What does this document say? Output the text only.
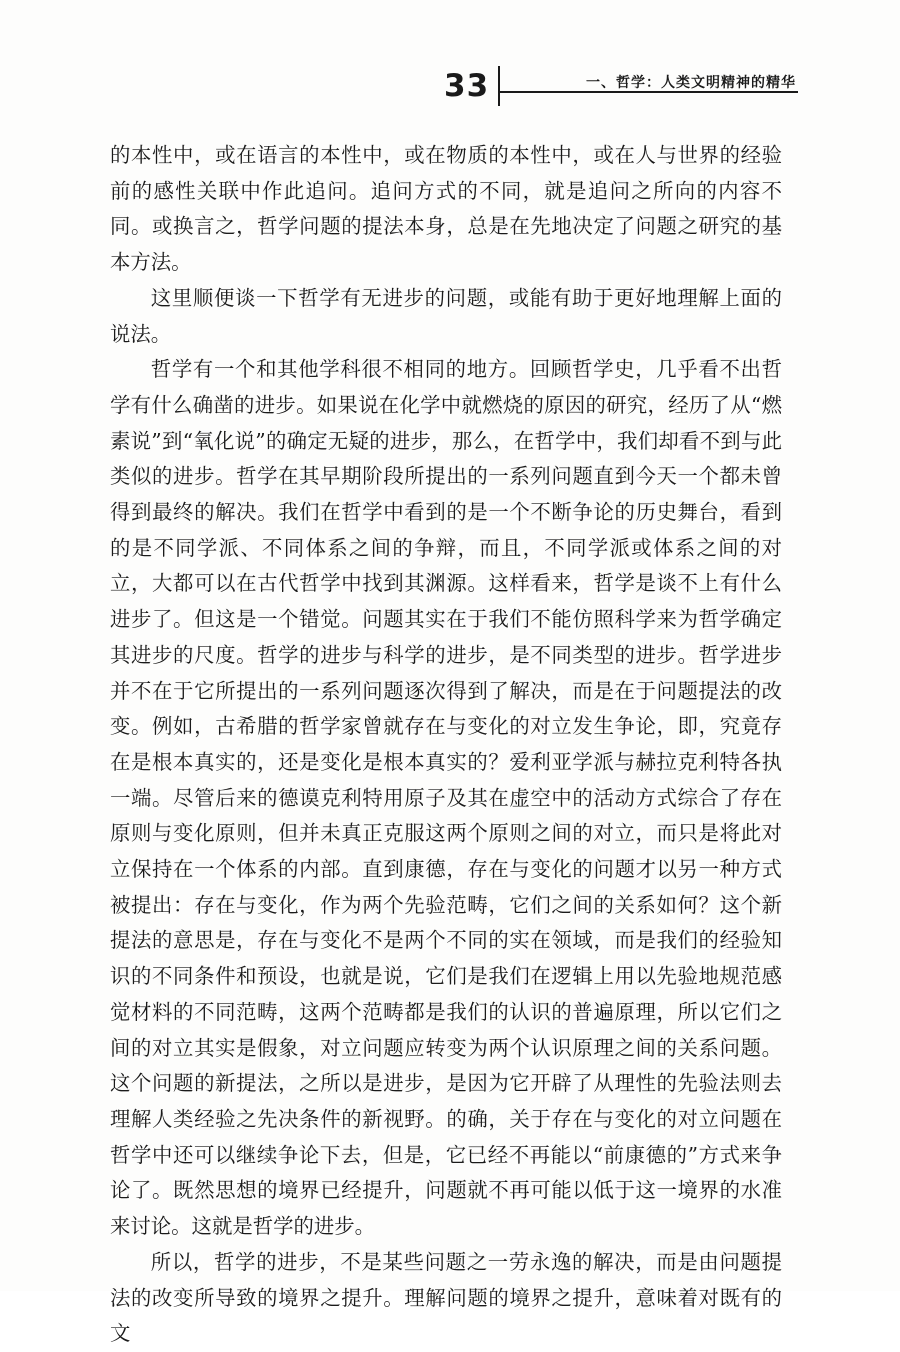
33	一、哲学：人类文明精神的精华

的本性中，或在语言的本性中，或在物质的本性中，或在人与世界的经验前的感性关联中作此追问。追问方式的不同，就是追问之所向的内容不同。或换言之，哲学问题的提法本身，总是在先地决定了问题之研究的基本方法。

这里顺便谈一下哲学有无进步的问题，或能有助于更好地理解上面的说法。

哲学有一个和其他学科很不相同的地方。回顾哲学史，几乎看不出哲学有什么确凿的进步。如果说在化学中就燃烧的原因的研究，经历了从“燃素说”到“氧化说”的确定无疑的进步，那么，在哲学中，我们却看不到与此类似的进步。哲学在其早期阶段所提出的一系列问题直到今天一个都未曾得到最终的解决。我们在哲学中看到的是一个不断争论的历史舞台，看到的是不同学派、不同体系之间的争辩，而且，不同学派或体系之间的对立，大都可以在古代哲学中找到其渊源。这样看来，哲学是谈不上有什么进步了。但这是一个错觉。问题其实在于我们不能仿照科学来为哲学确定其进步的尺度。哲学的进步与科学的进步，是不同类型的进步。哲学进步并不在于它所提出的一系列问题逐次得到了解决，而是在于问题提法的改变。例如，古希腊的哲学家曾就存在与变化的对立发生争论，即，究竟存在是根本真实的，还是变化是根本真实的？爱利亚学派与赫拉克利特各执一端。尽管后来的德谟克利特用原子及其在虚空中的活动方式综合了存在原则与变化原则，但并未真正克服这两个原则之间的对立，而只是将此对立保持在一个体系的内部。直到康德，存在与变化的问题才以另一种方式被提出：存在与变化，作为两个先验范畴，它们之间的关系如何？这个新提法的意思是，存在与变化不是两个不同的实在领域，而是我们的经验知识的不同条件和预设，也就是说，它们是我们在逻辑上用以先验地规范感觉材料的不同范畴，这两个范畴都是我们的认识的普遍原理，所以它们之间的对立其实是假象，对立问题应转变为两个认识原理之间的关系问题。这个问题的新提法，之所以是进步，是因为它开辟了从理性的先验法则去理解人类经验之先决条件的新视野。的确，关于存在与变化的对立问题在哲学中还可以继续争论下去，但是，它已经不再能以“前康德的”方式来争论了。既然思想的境界已经提升，问题就不再可能以低于这一境界的水准来讨论。这就是哲学的进步。

所以，哲学的进步，不是某些问题之一劳永逸的解决，而是由问题提法的改变所导致的境界之提升。理解问题的境界之提升，意味着对既有的文
